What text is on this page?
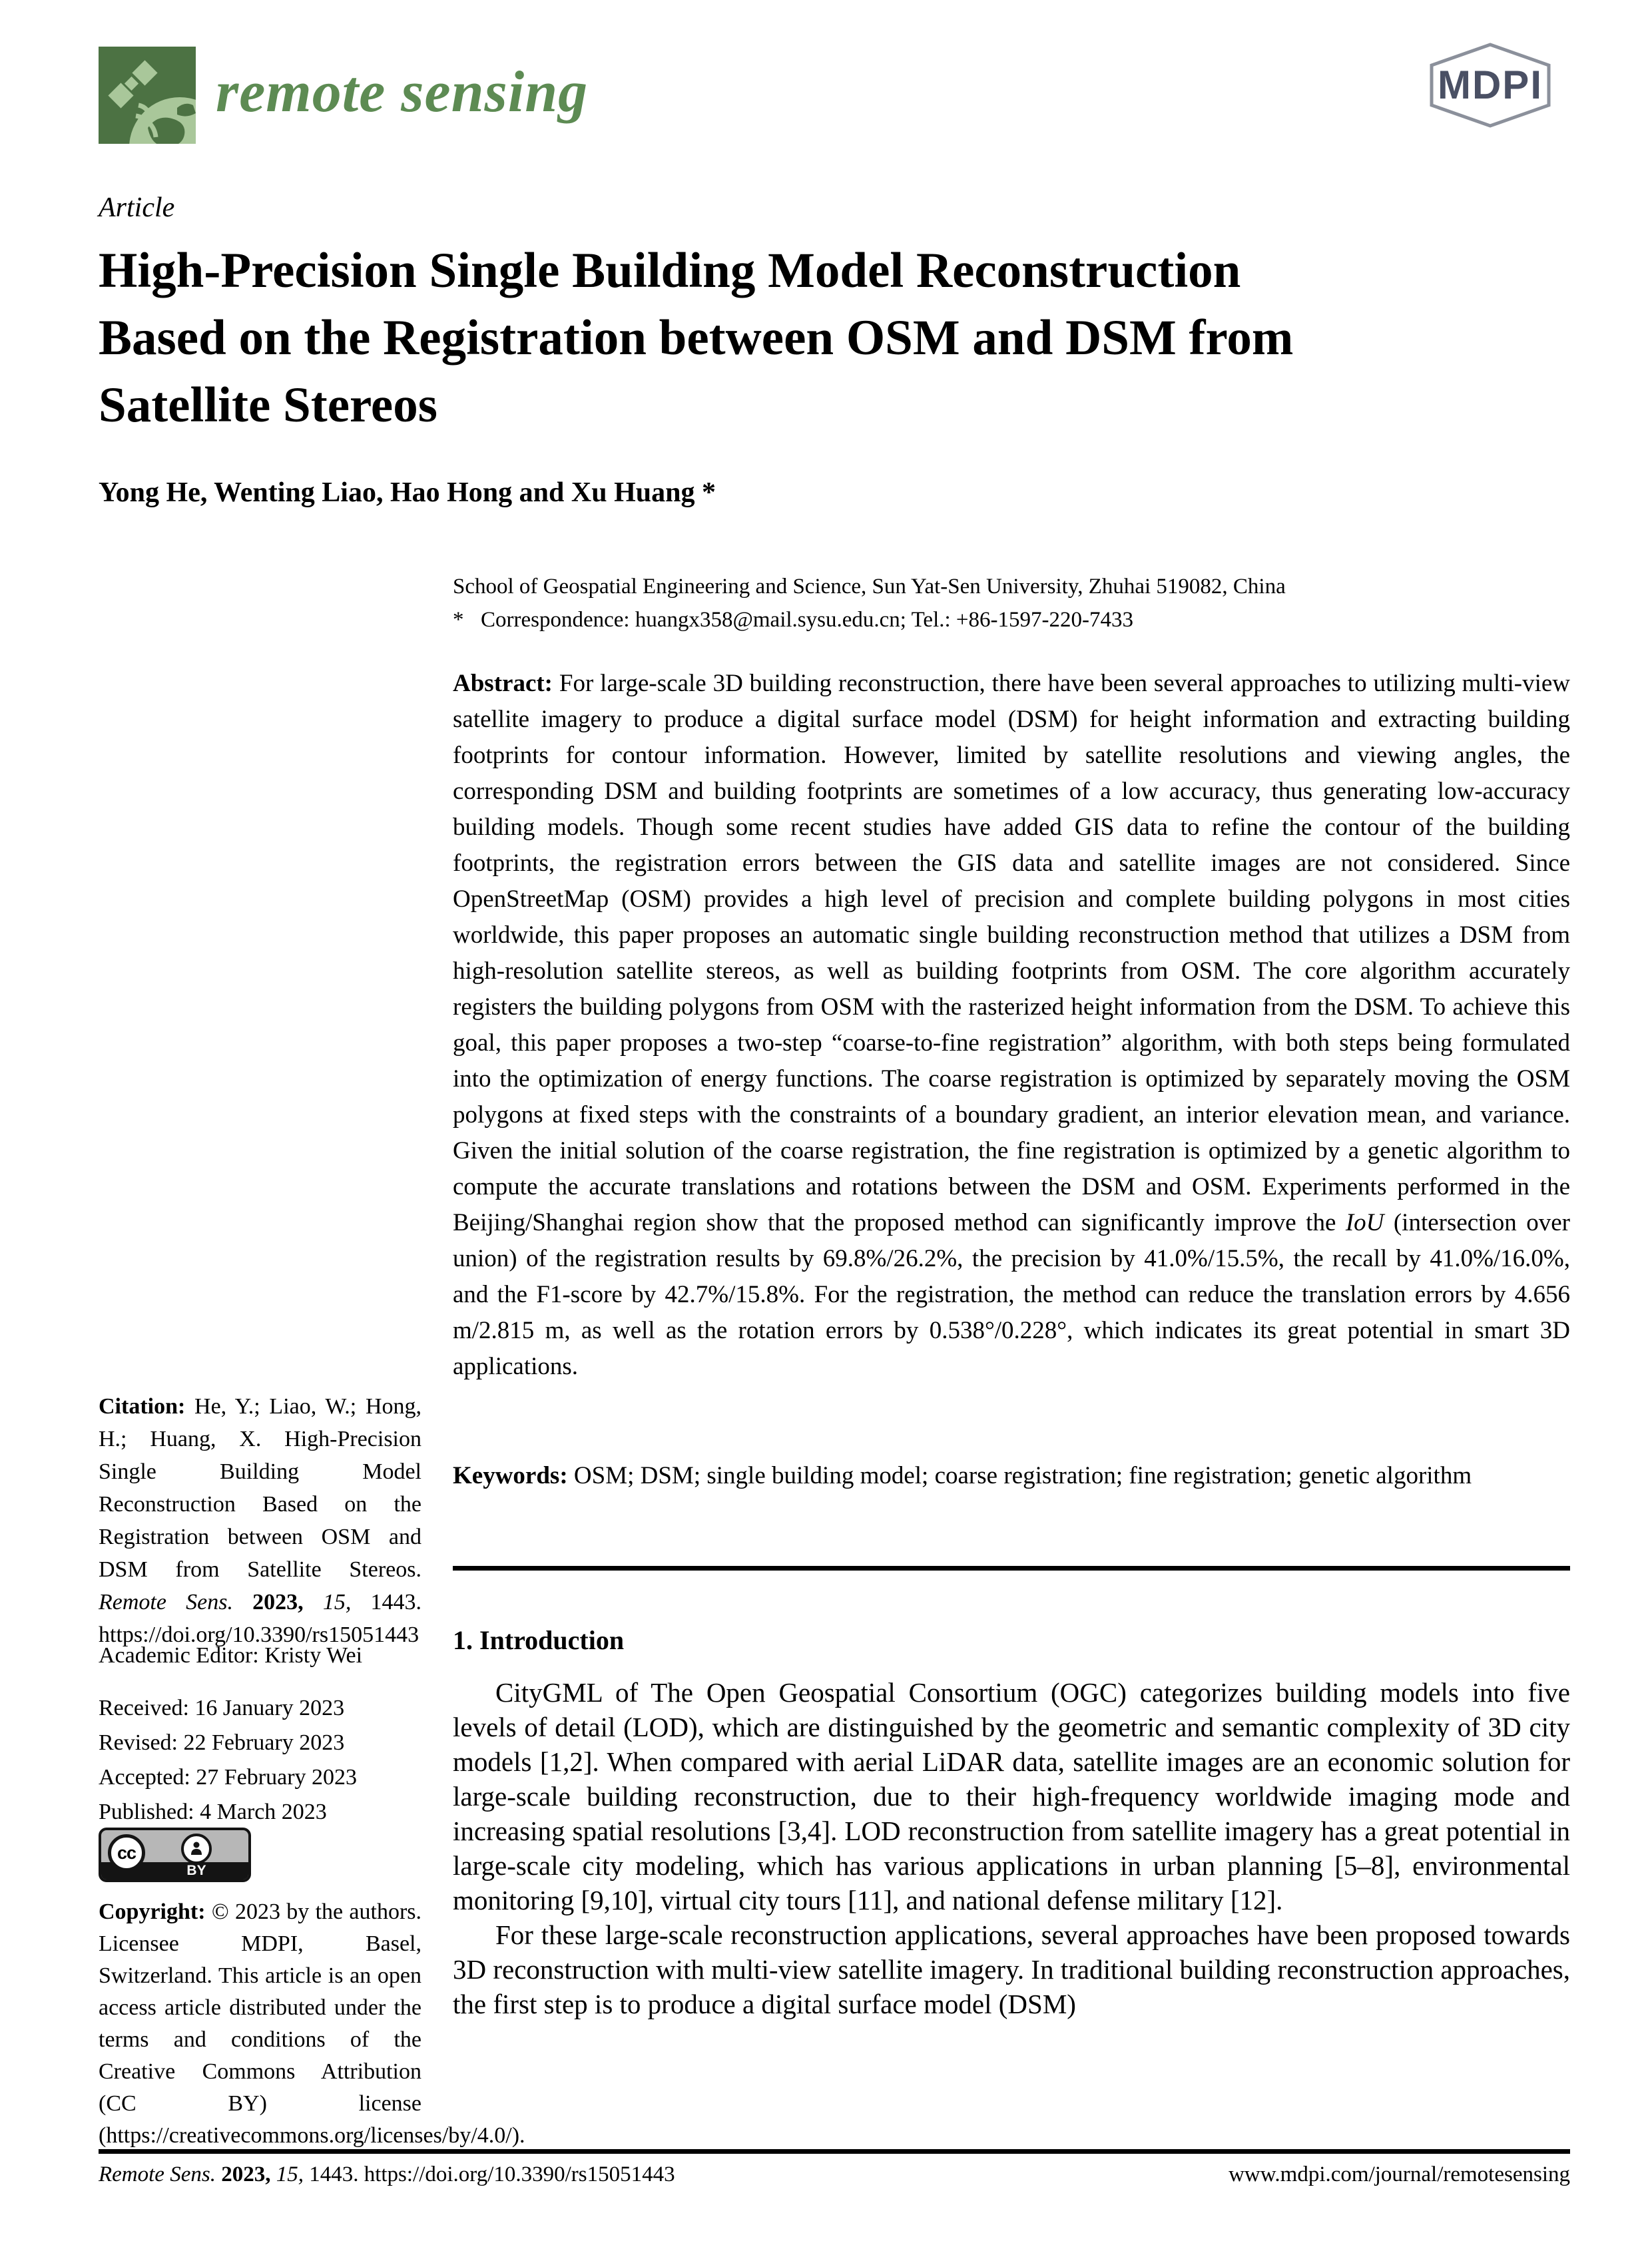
remote sensing	MDPI
Article
High-Precision Single Building Model Reconstruction
Based on the Registration between OSM and DSM from
Satellite Stereos
Yong He, Wenting Liao, Hao Hong and Xu Huang *
School of Geospatial Engineering and Science, Sun Yat-Sen University, Zhuhai 519082, China
* Correspondence: huangx358@mail.sysu.edu.cn; Tel.: +86-1597-220-7433
Abstract: For large-scale 3D building reconstruction, there have been several approaches to utilizing multi-view satellite imagery to produce a digital surface model (DSM) for height information and extracting building footprints for contour information. However, limited by satellite resolutions and viewing angles, the corresponding DSM and building footprints are sometimes of a low accuracy, thus generating low-accuracy building models. Though some recent studies have added GIS data to refine the contour of the building footprints, the registration errors between the GIS data and satellite images are not considered. Since OpenStreetMap (OSM) provides a high level of precision and complete building polygons in most cities worldwide, this paper proposes an automatic single building reconstruction method that utilizes a DSM from high-resolution satellite stereos, as well as building footprints from OSM. The core algorithm accurately registers the building polygons from OSM with the rasterized height information from the DSM. To achieve this goal, this paper proposes a two-step “coarse-to-fine registration” algorithm, with both steps being formulated into the optimization of energy functions. The coarse registration is optimized by separately moving the OSM polygons at fixed steps with the constraints of a boundary gradient, an interior elevation mean, and variance. Given the initial solution of the coarse registration, the fine registration is optimized by a genetic algorithm to compute the accurate translations and rotations between the DSM and OSM. Experiments performed in the Beijing/Shanghai region show that the proposed method can significantly improve the IoU (intersection over union) of the registration results by 69.8%/26.2%, the precision by 41.0%/15.5%, the recall by 41.0%/16.0%, and the F1-score by 42.7%/15.8%. For the registration, the method can reduce the translation errors by 4.656 m/2.815 m, as well as the rotation errors by 0.538°/0.228°, which indicates its great potential in smart 3D applications.
Keywords: OSM; DSM; single building model; coarse registration; fine registration; genetic algorithm
1. Introduction

CityGML of The Open Geospatial Consortium (OGC) categorizes building models into five levels of detail (LOD), which are distinguished by the geometric and semantic complexity of 3D city models [1,2]. When compared with aerial LiDAR data, satellite images are an economic solution for large-scale building reconstruction, due to their high-frequency worldwide imaging mode and increasing spatial resolutions [3,4]. LOD reconstruction from satellite imagery has a great potential in large-scale city modeling, which has various applications in urban planning [5–8], environmental monitoring [9,10], virtual city tours [11], and national defense military [12].

For these large-scale reconstruction applications, several approaches have been proposed towards 3D reconstruction with multi-view satellite imagery. In traditional building reconstruction approaches, the first step is to produce a digital surface model (DSM)

Citation: He, Y.; Liao, W.; Hong, H.; Huang, X. High-Precision Single Building Model Reconstruction Based on the Registration between OSM and DSM from Satellite Stereos. Remote Sens. 2023, 15, 1443. https://doi.org/10.3390/rs15051443
Academic Editor: Kristy Wei
Received: 16 January 2023
Revised: 22 February 2023
Accepted: 27 February 2023
Published: 4 March 2023
cc
BY
Copyright: © 2023 by the authors. Licensee MDPI, Basel, Switzerland. This article is an open access article distributed under the terms and conditions of the Creative Commons Attribution (CC BY) license (https://creativecommons.org/licenses/by/4.0/).
Remote Sens. 2023, 15, 1443. https://doi.org/10.3390/rs15051443	www.mdpi.com/journal/remotesensing
